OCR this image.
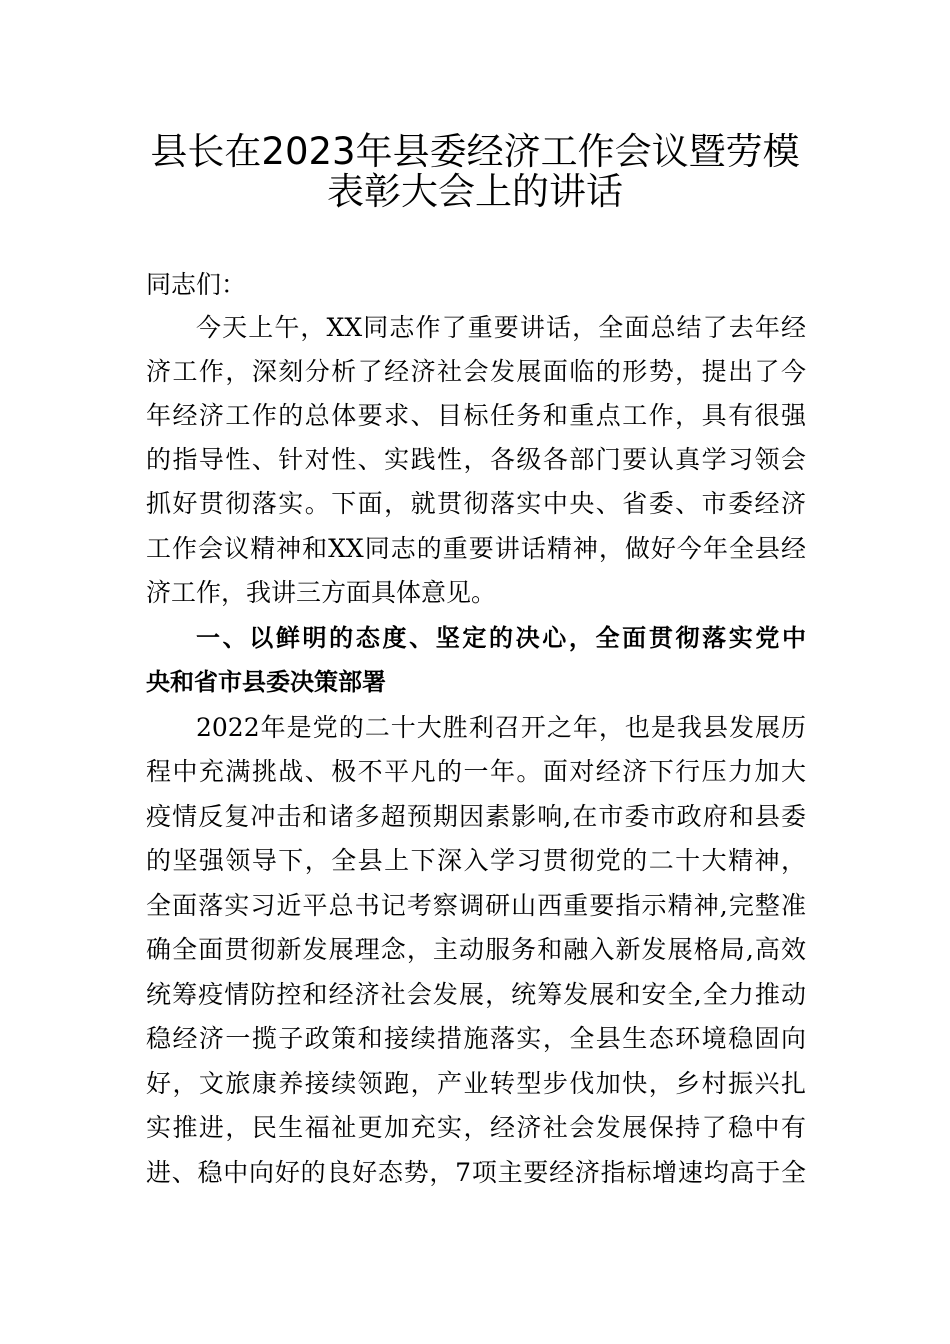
县长在2023年县委经济工作会议暨劳模
表彰大会上的讲话
同志们：
今天上午，XX同志作了重要讲话，全面总结了去年经
济工作，深刻分析了经济社会发展面临的形势，提出了今
年经济工作的总体要求、目标任务和重点工作，具有很强
的指导性、针对性、实践性，各级各部门要认真学习领会
抓好贯彻落实。下面，就贯彻落实中央、省委、市委经济
工作会议精神和XX同志的重要讲话精神，做好今年全县经
济工作，我讲三方面具体意见。
一、以鲜明的态度、坚定的决心，全面贯彻落实党中
央和省市县委决策部署
2022年是党的二十大胜利召开之年，也是我县发展历
程中充满挑战、极不平凡的一年。面对经济下行压力加大
疫情反复冲击和诸多超预期因素影响,在市委市政府和县委
的坚强领导下，全县上下深入学习贯彻党的二十大精神，
全面落实习近平总书记考察调研山西重要指示精神,完整准
确全面贯彻新发展理念，主动服务和融入新发展格局,高效
统筹疫情防控和经济社会发展，统筹发展和安全,全力推动
稳经济一揽子政策和接续措施落实，全县生态环境稳固向
好，文旅康养接续领跑，产业转型步伐加快，乡村振兴扎
实推进，民生福祉更加充实，经济社会发展保持了稳中有
进、稳中向好的良好态势，7项主要经济指标增速均高于全
